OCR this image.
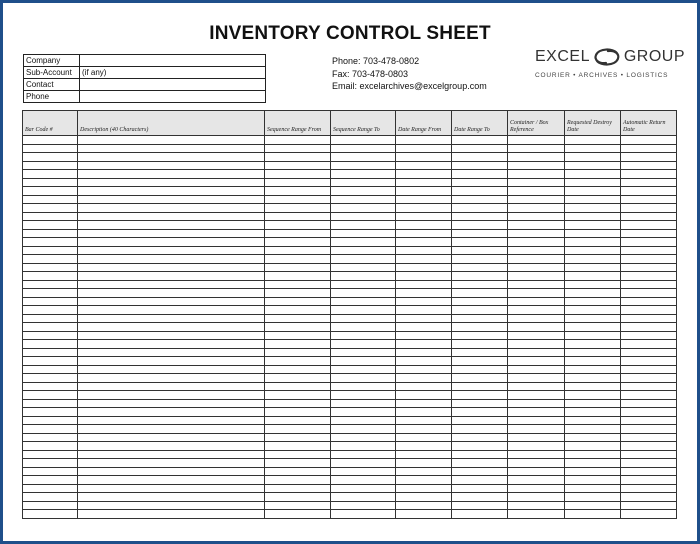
INVENTORY CONTROL SHEET
Company
Sub-Account	(if any)
Contact
Phone
Phone: 703-478-0802
Fax: 703-478-0803
Email: excelarchives@excelgroup.com
EXCEL GROUP
COURIER • ARCHIVES • LOGISTICS
Bar Code #	Description (40 Characters)	Sequence Range From	Sequence Range To	Date Range From	Date Range To	Container / Box Reference	Requested Destroy Date	Automatic Return Date
